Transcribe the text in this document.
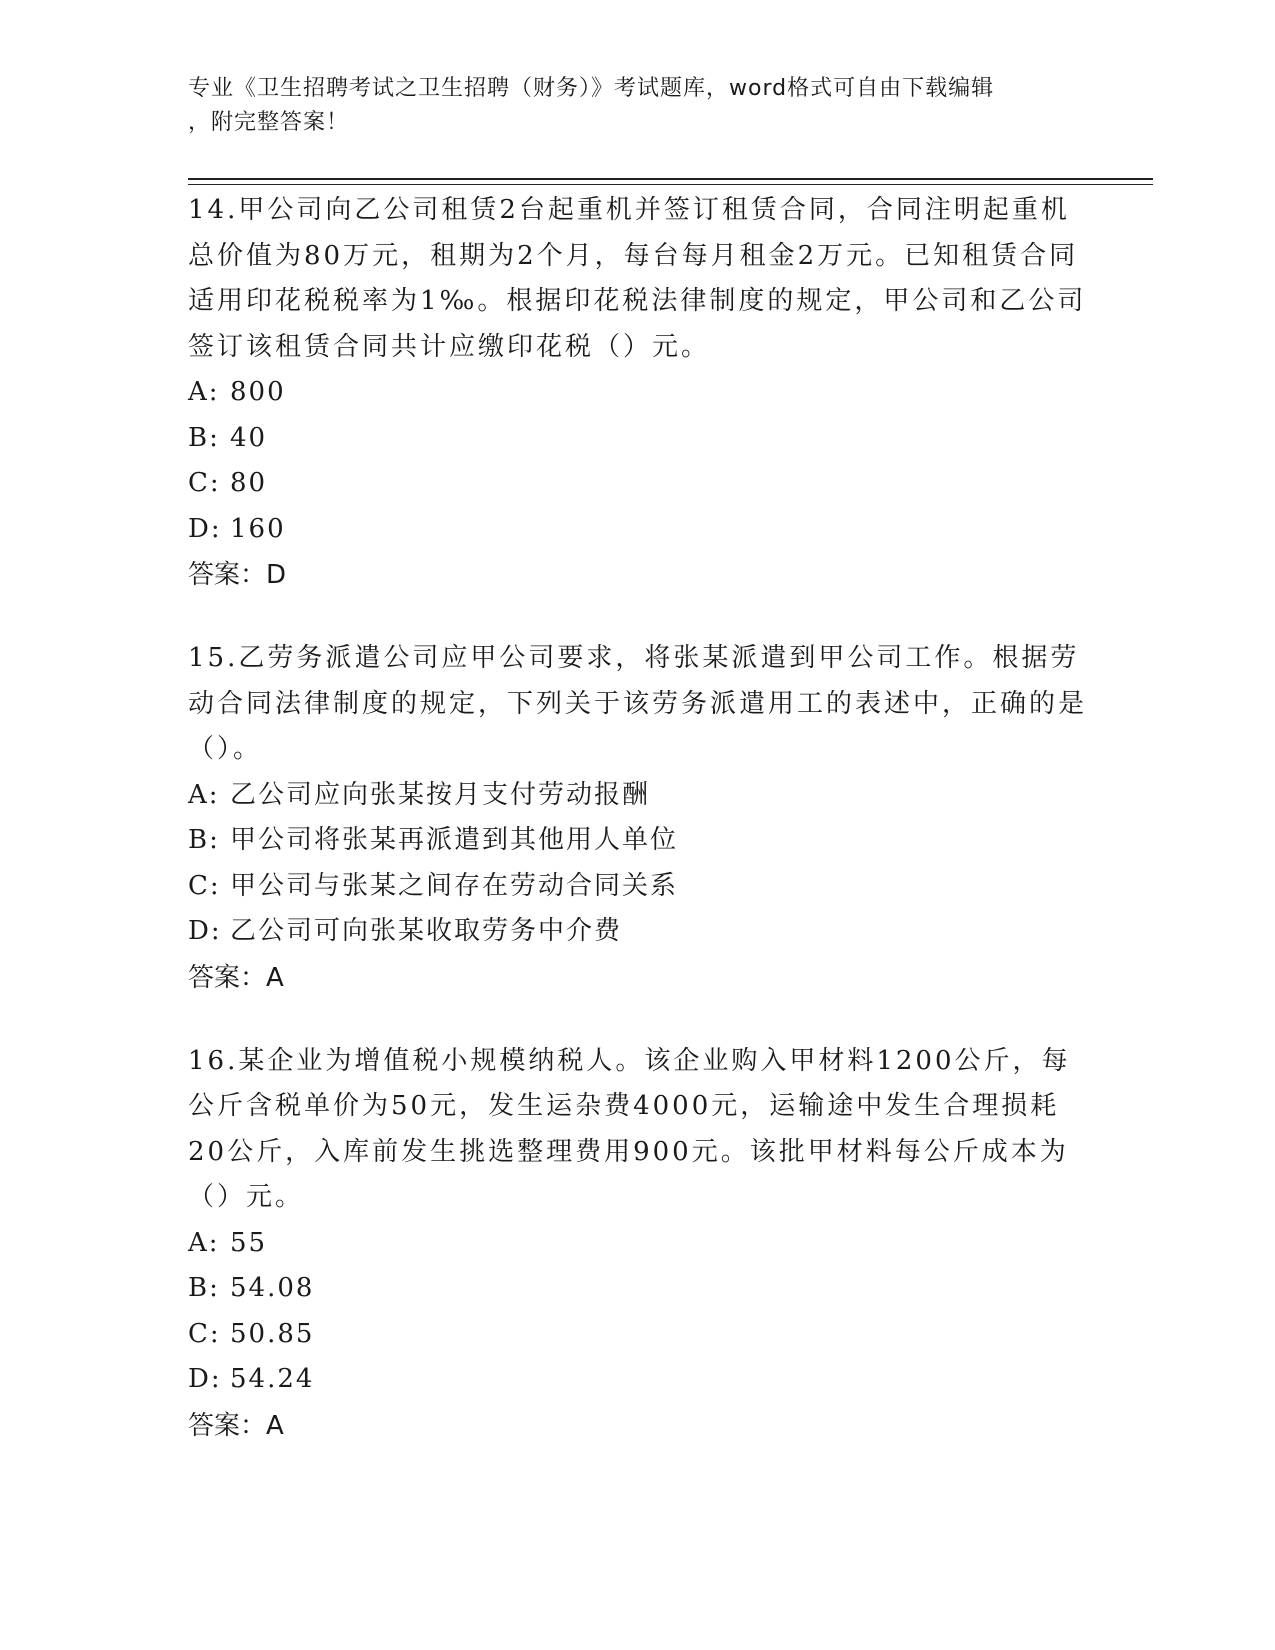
专业《卫生招聘考试之卫生招聘（财务）》考试题库，word格式可自由下载编辑
，附完整答案！

14.甲公司向乙公司租赁2台起重机并签订租赁合同，合同注明起重机总价值为80万元，租期为2个月，每台每月租金2万元。已知租赁合同适用印花税税率为1‰。根据印花税法律制度的规定，甲公司和乙公司签订该租赁合同共计应缴印花税（）元。

A: 800

B: 40

C: 80

D: 160

答案：D

15.乙劳务派遣公司应甲公司要求，将张某派遣到甲公司工作。根据劳动合同法律制度的规定，下列关于该劳务派遣用工的表述中，正确的是（）。

A: 乙公司应向张某按月支付劳动报酬

B: 甲公司将张某再派遣到其他用人单位

C: 甲公司与张某之间存在劳动合同关系

D: 乙公司可向张某收取劳务中介费

答案：A

16.某企业为增值税小规模纳税人。该企业购入甲材料1200公斤，每公斤含税单价为50元，发生运杂费4000元，运输途中发生合理损耗20公斤，入库前发生挑选整理费用900元。该批甲材料每公斤成本为（）元。

A: 55

B: 54.08

C: 50.85

D: 54.24

答案：A
